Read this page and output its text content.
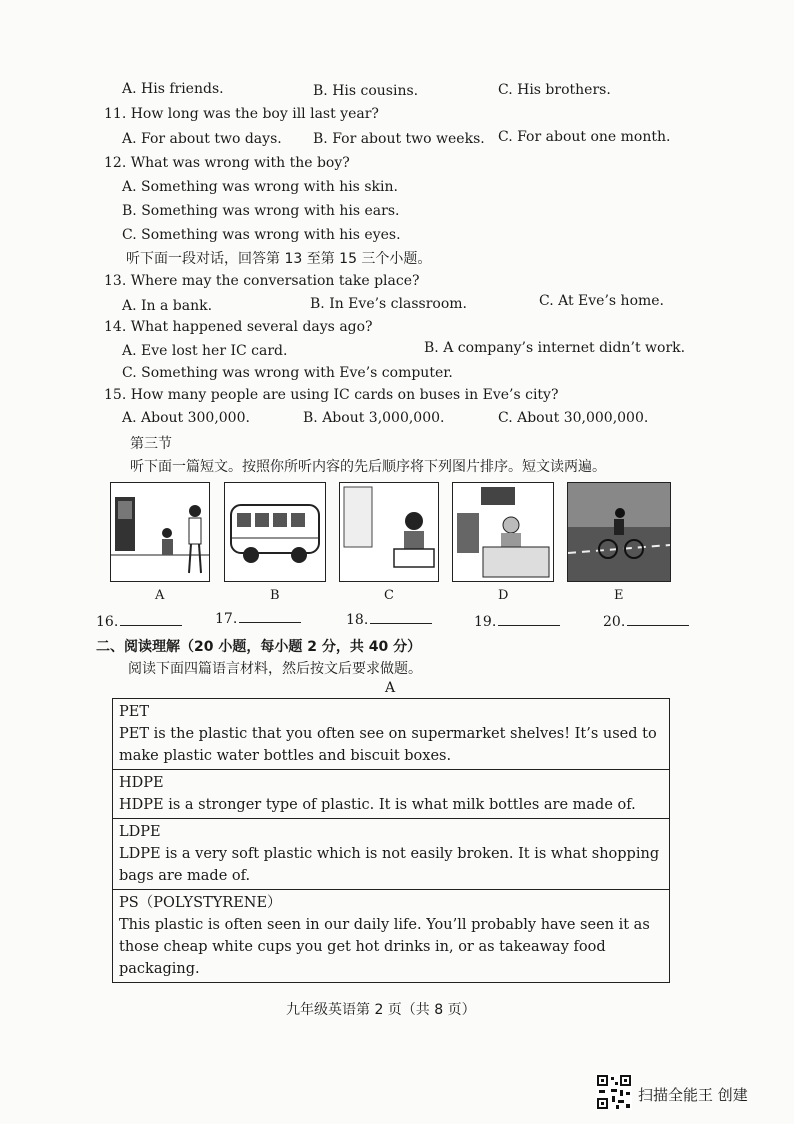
A. His friends.	B. His cousins.	C. His brothers.
11. How long was the boy ill last year?
A. For about two days. B. For about two weeks. C. For about one month.
12. What was wrong with the boy?
A. Something was wrong with his skin.
B. Something was wrong with his ears.
C. Something was wrong with his eyes.
听下面一段对话，回答第 13 至第 15 三个小题。
13. Where may the conversation take place?
A. In a bank.	B. In Eve’s classroom.	C. At Eve’s home.
14. What happened several days ago?
A. Eve lost her IC card.	B. A company’s internet didn’t work.
C. Something was wrong with Eve’s computer.
15. How many people are using IC cards on buses in Eve’s city?
A. About 300,000.	B. About 3,000,000.	C. About 30,000,000.
第三节
听下面一篇短文。按照你所听内容的先后顺序将下列图片排序。短文读两遍。
A	B	C	D	E
16.	17.	18.	19.	20.
二、阅读理解（20 小题，每小题 2 分，共 40 分）
阅读下面四篇语言材料，然后按文后要求做题。
A
PET
PET is the plastic that you often see on supermarket shelves! It’s used to make plastic water bottles and biscuit boxes.

HDPE
HDPE is a stronger type of plastic. It is what milk bottles are made of.

LDPE
LDPE is a very soft plastic which is not easily broken. It is what shopping bags are made of.

PS（POLYSTYRENE）
This plastic is often seen in our daily life. You’ll probably have seen it as those cheap white cups you get hot drinks in, or as takeaway food packaging.
九年级英语第 2 页（共 8 页）
扫描全能王 创建
